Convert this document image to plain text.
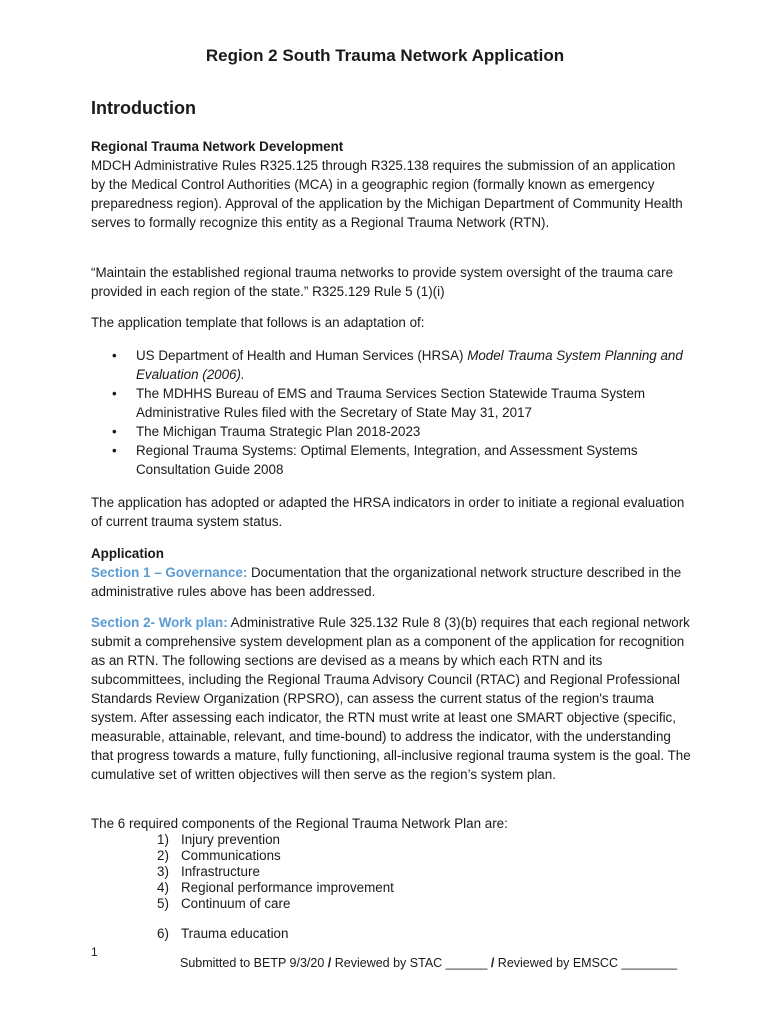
Region 2 South Trauma Network Application
Introduction
Regional Trauma Network Development
MDCH Administrative Rules R325.125 through R325.138 requires the submission of an application by the Medical Control Authorities (MCA) in a geographic region (formally known as emergency preparedness region). Approval of the application by the Michigan Department of Community Health serves to formally recognize this entity as a Regional Trauma Network (RTN).
“Maintain the established regional trauma networks to provide system oversight of the trauma care provided in each region of the state.” R325.129 Rule 5 (1)(i)
The application template that follows is an adaptation of:
• US Department of Health and Human Services (HRSA) Model Trauma System Planning and Evaluation (2006).
• The MDHHS Bureau of EMS and Trauma Services Section Statewide Trauma System Administrative Rules filed with the Secretary of State May 31, 2017
• The Michigan Trauma Strategic Plan 2018-2023
• Regional Trauma Systems: Optimal Elements, Integration, and Assessment Systems Consultation Guide 2008
The application has adopted or adapted the HRSA indicators in order to initiate a regional evaluation of current trauma system status.
Application
Section 1 – Governance: Documentation that the organizational network structure described in the administrative rules above has been addressed.
Section 2- Work plan: Administrative Rule 325.132 Rule 8 (3)(b) requires that each regional network submit a comprehensive system development plan as a component of the application for recognition as an RTN. The following sections are devised as a means by which each RTN and its subcommittees, including the Regional Trauma Advisory Council (RTAC) and Regional Professional Standards Review Organization (RPSRO), can assess the current status of the region's trauma system. After assessing each indicator, the RTN must write at least one SMART objective (specific, measurable, attainable, relevant, and time-bound) to address the indicator, with the understanding that progress towards a mature, fully functioning, all-inclusive regional trauma system is the goal. The cumulative set of written objectives will then serve as the region’s system plan.
The 6 required components of the Regional Trauma Network Plan are:
1) Injury prevention
2) Communications
3) Infrastructure
4) Regional performance improvement
5) Continuum of care
6) Trauma education
1
Submitted to BETP 9/3/20 / Reviewed by STAC ______ / Reviewed by EMSCC ________
